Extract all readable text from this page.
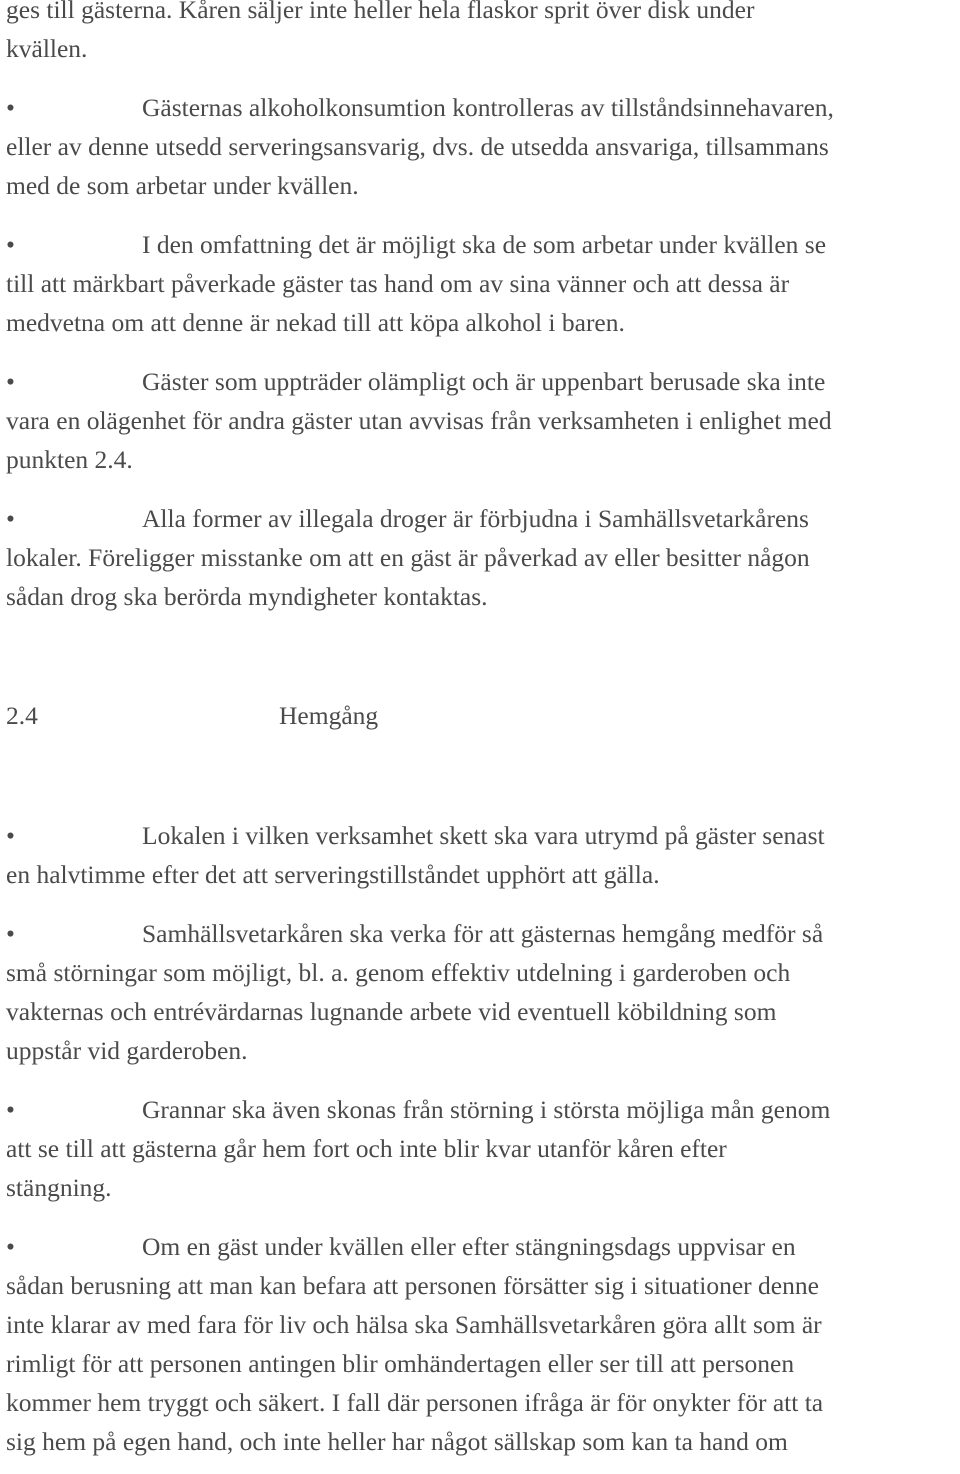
ges till gästerna. Kåren säljer inte heller hela flaskor sprit över disk under
kvällen.

•	Gästernas alkoholkonsumtion kontrolleras av tillståndsinnehavaren,
eller av denne utsedd serveringsansvarig, dvs. de utsedda ansvariga, tillsammans
med de som arbetar under kvällen.

•	I den omfattning det är möjligt ska de som arbetar under kvällen se
till att märkbart påverkade gäster tas hand om av sina vänner och att dessa är
medvetna om att denne är nekad till att köpa alkohol i baren.

•	Gäster som uppträder olämpligt och är uppenbart berusade ska inte
vara en olägenhet för andra gäster utan avvisas från verksamheten i enlighet med
punkten 2.4.

•	Alla former av illegala droger är förbjudna i Samhällsvetarkårens
lokaler. Föreligger misstanke om att en gäst är påverkad av eller besitter någon
sådan drog ska berörda myndigheter kontaktas.

2.4	Hemgång

•	Lokalen i vilken verksamhet skett ska vara utrymd på gäster senast
en halvtimme efter det att serveringstillståndet upphört att gälla.

•	Samhällsvetarkåren ska verka för att gästernas hemgång medför så
små störningar som möjligt, bl. a. genom effektiv utdelning i garderoben och
vakternas och entrévärdarnas lugnande arbete vid eventuell köbildning som
uppstår vid garderoben.

•	Grannar ska även skonas från störning i största möjliga mån genom
att se till att gästerna går hem fort och inte blir kvar utanför kåren efter
stängning.

•	Om en gäst under kvällen eller efter stängningsdags uppvisar en
sådan berusning att man kan befara att personen försätter sig i situationer denne
inte klarar av med fara för liv och hälsa ska Samhällsvetarkåren göra allt som är
rimligt för att personen antingen blir omhändertagen eller ser till att personen
kommer hem tryggt och säkert. I fall där personen ifråga är för onykter för att ta
sig hem på egen hand, och inte heller har något sällskap som kan ta hand om
